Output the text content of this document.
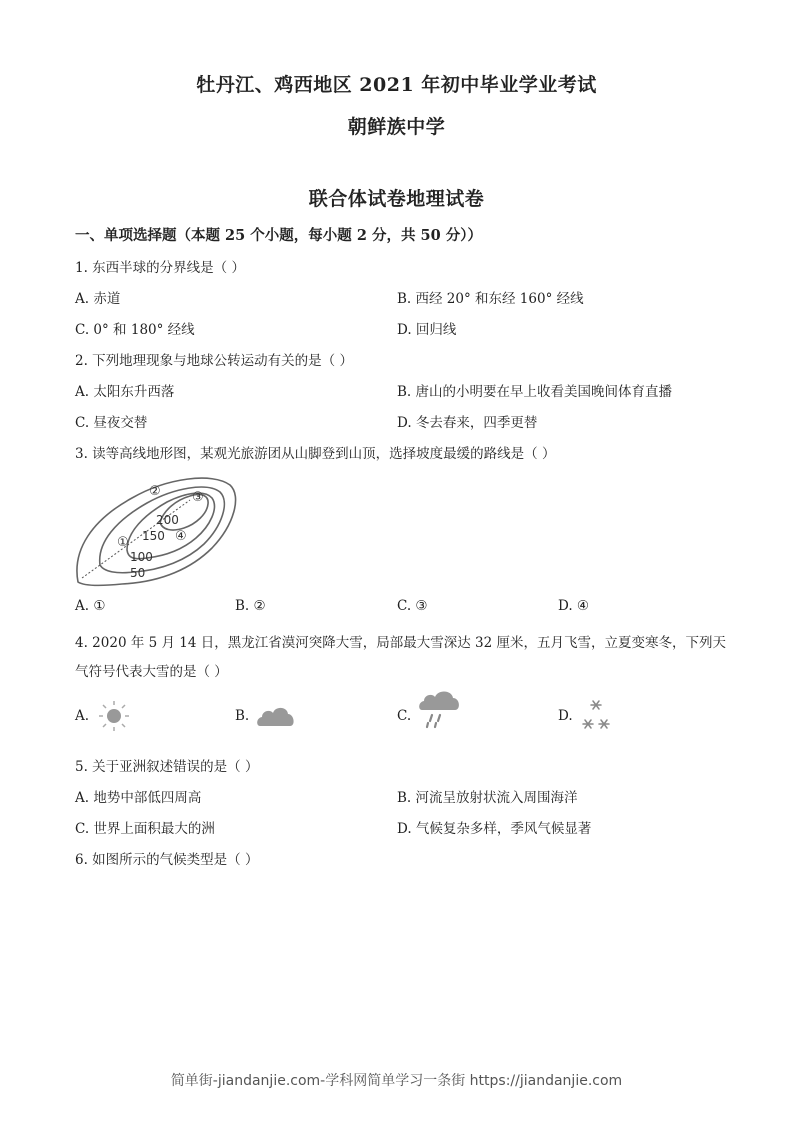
牡丹江、鸡西地区 2021 年初中毕业学业考试
朝鲜族中学
联合体试卷地理试卷
一、单项选择题（本题 25 个小题，每小题 2 分，共 50 分））
1. 东西半球的分界线是（ ）
A. 赤道	B. 西经 20° 和东经 160° 经线
C. 0° 和 180° 经线	D. 回归线
2. 下列地理现象与地球公转运动有关的是（ ）
A. 太阳东升西落	B. 唐山的小明要在早上收看美国晚间体育直播
C. 昼夜交替	D. 冬去春来，四季更替
3. 读等高线地形图，某观光旅游团从山脚登到山顶，选择坡度最缓的路线是（ ）
①
② ③
④
200
150
100
50
A. ①	B. ②	C. ③	D. ④
4. 2020 年 5 月 14 日，黑龙江省漠河突降大雪，局部最大雪深达 32 厘米，五月飞雪，立夏变寒冬，下列天
气符号代表大雪的是（ ）
A.	B.	C.	D.
5. 关于亚洲叙述错误的是（ ）
A. 地势中部低四周高	B. 河流呈放射状流入周围海洋
C. 世界上面积最大的洲	D. 气候复杂多样，季风气候显著
6. 如图所示的气候类型是（ ）
简单街-jiandanjie.com-学科网简单学习一条街 https://jiandanjie.com
